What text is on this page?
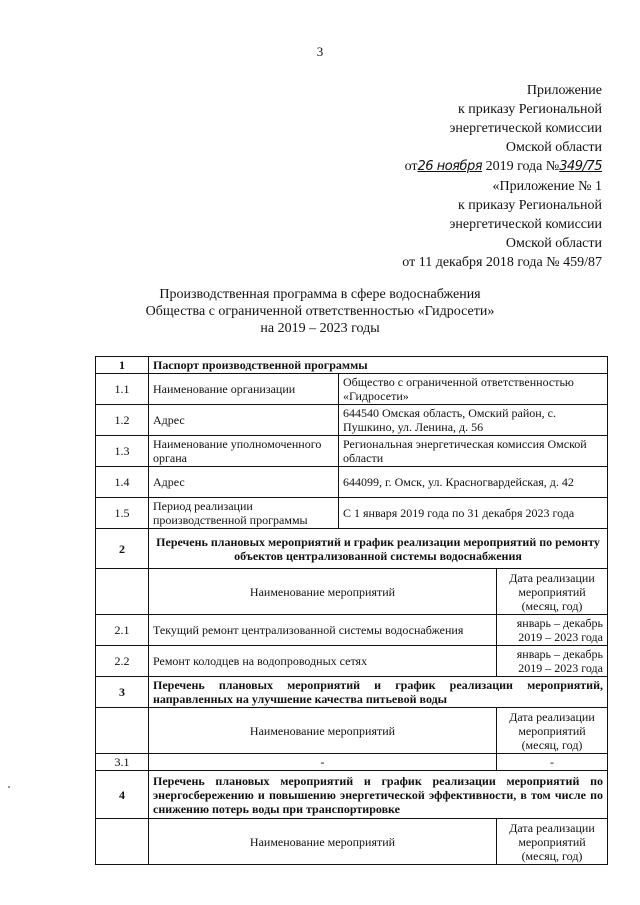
3
Приложение
к приказу Региональной
энергетической комиссии
Омской области
от26 ноября 2019 года №349/75
«Приложение № 1
к приказу Региональной
энергетической комиссии
Омской области
от 11 декабря 2018 года № 459/87
Производственная программа в сфере водоснабжения
Общества с ограниченной ответственностью «Гидросети»
на 2019 – 2023 годы
1	Паспорт производственной программы		
1.1	Наименование организации	Общество с ограниченной ответственностью «Гидросети»	
1.2	Адрес	644540 Омская область, Омский район, с. Пушкино, ул. Ленина, д. 56	
1.3	Наименование уполномоченного органа	Региональная энергетическая комиссия Омской области	
1.4	Адрес	644099, г. Омск, ул. Красногвардейская, д. 42	
1.5	Период реализации производственной программы	С 1 января 2019 года по 31 декабря 2023 года	
2	Перечень плановых мероприятий и график реализации мероприятий по ремонту объектов централизованной системы водоснабжения		
	Наименование мероприятий		Дата реализации мероприятий (месяц, год)
2.1	Текущий ремонт централизованной системы водоснабжения		январь – декабрь 2019 – 2023 года
2.2	Ремонт колодцев на водопроводных сетях		январь – декабрь 2019 – 2023 года
3	Перечень плановых мероприятий и график реализации мероприятий, направленных на улучшение качества питьевой воды		
	Наименование мероприятий		Дата реализации мероприятий (месяц, год)
3.1	-		-
4	Перечень плановых мероприятий и график реализации мероприятий по энергосбережению и повышению энергетической эффективности, в том числе по снижению потерь воды при транспортировке		
	Наименование мероприятий		Дата реализации мероприятий (месяц, год)
